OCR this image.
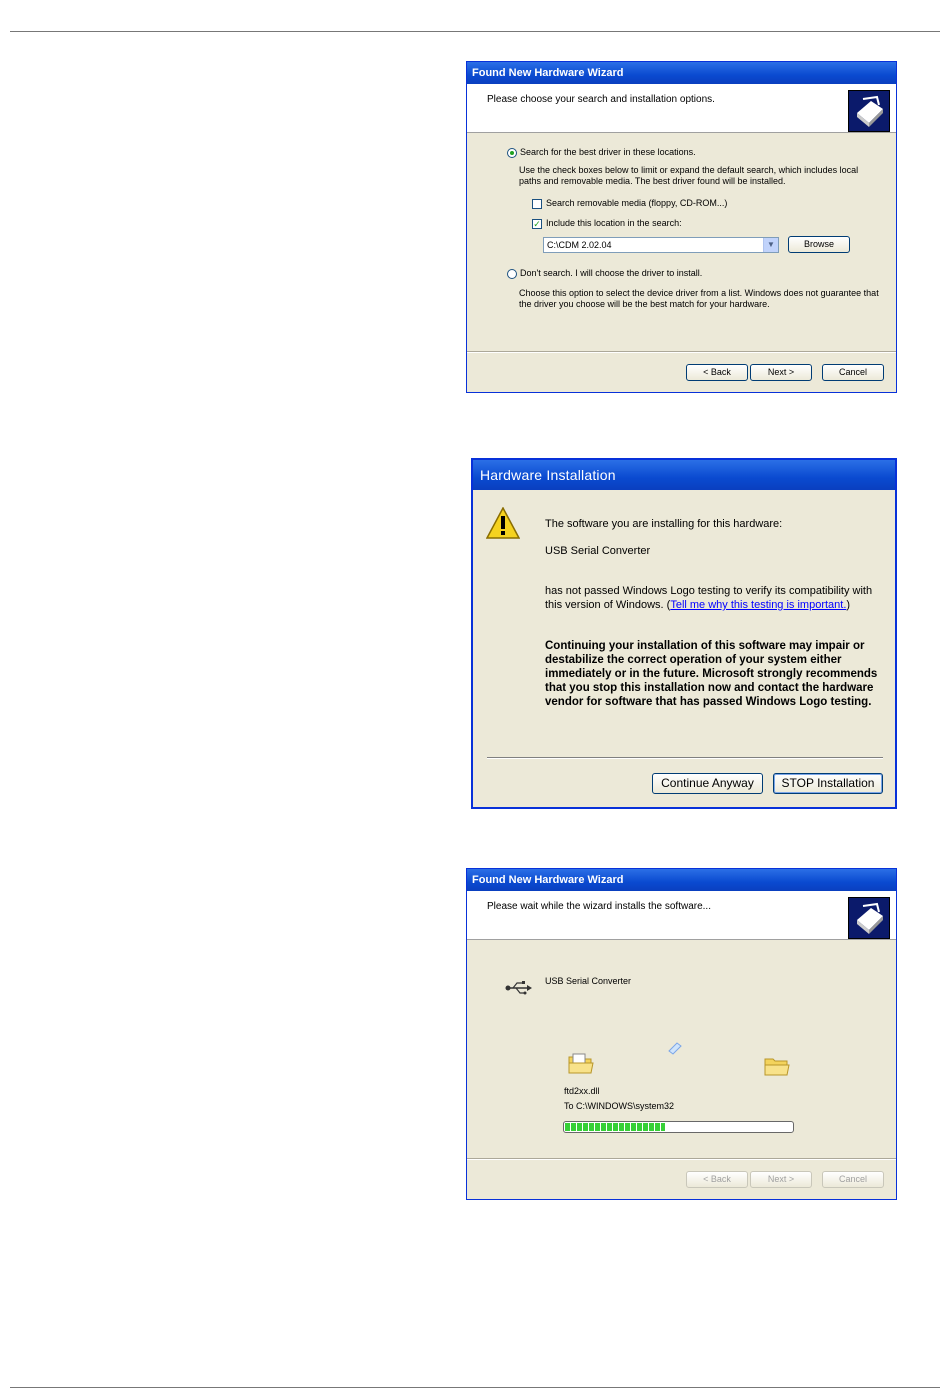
Found New Hardware Wizard
Please choose your search and installation options.
Search for the best driver in these locations.
Use the check boxes below to limit or expand the default search, which includes local paths and removable media. The best driver found will be installed.
Search removable media (floppy, CD-ROM...)
✓ Include this location in the search:
C:\CDM 2.02.04	▼	Browse
Don't search. I will choose the driver to install.
Choose this option to select the device driver from a list. Windows does not guarantee that the driver you choose will be the best match for your hardware.
< Back	Next >	Cancel
Hardware Installation
The software you are installing for this hardware:
USB Serial Converter
has not passed Windows Logo testing to verify its compatibility with this version of Windows. (Tell me why this testing is important.)
Continuing your installation of this software may impair or destabilize the correct operation of your system either immediately or in the future. Microsoft strongly recommends that you stop this installation now and contact the hardware vendor for software that has passed Windows Logo testing.
Continue Anyway	STOP Installation
Found New Hardware Wizard
Please wait while the wizard installs the software...
USB Serial Converter
ftd2xx.dll
To C:\WINDOWS\system32
< Back	Next >	Cancel
